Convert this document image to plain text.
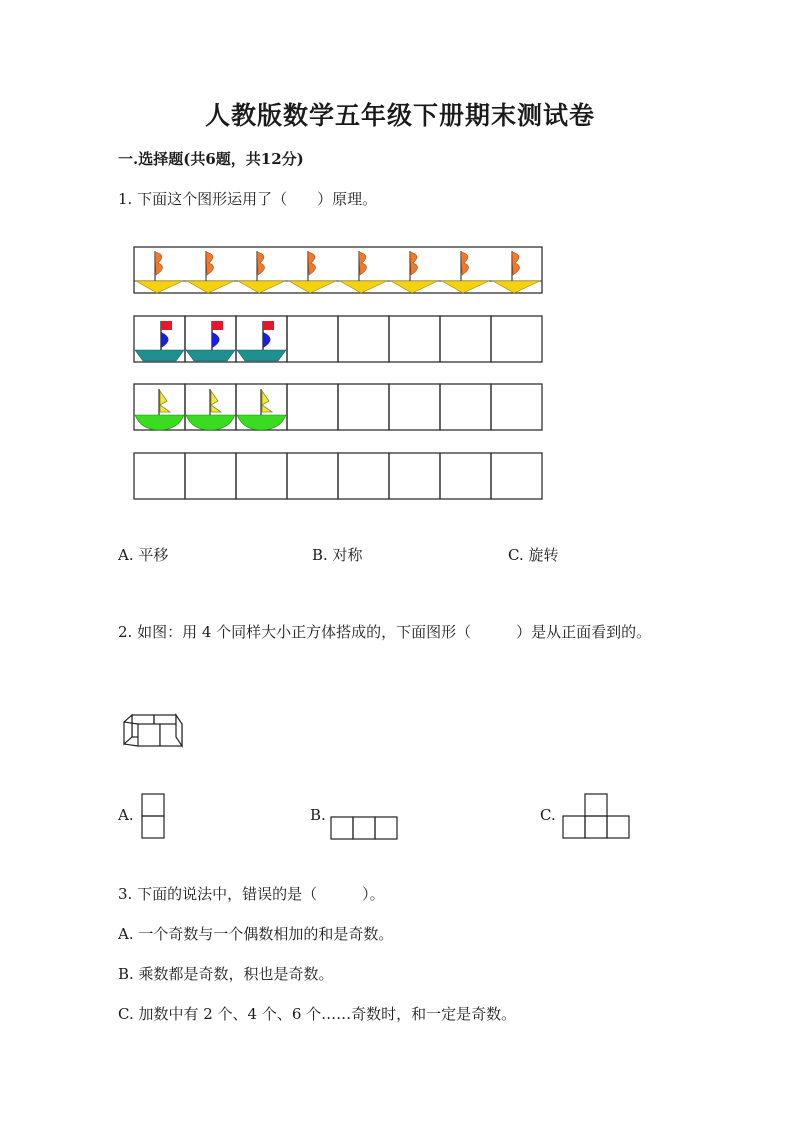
人教版数学五年级下册期末测试卷
一.选择题(共6题，共12分)
1. 下面这个图形运用了（　　）原理。
A. 平移	B. 对称	C. 旋转
2. 如图：用 4 个同样大小正方体搭成的，下面图形（　　　）是从正面看到的。
A.	B.	C.
3. 下面的说法中，错误的是（　　　）。
A. 一个奇数与一个偶数相加的和是奇数。
B. 乘数都是奇数，积也是奇数。
C. 加数中有 2 个、4 个、6 个……奇数时，和一定是奇数。
